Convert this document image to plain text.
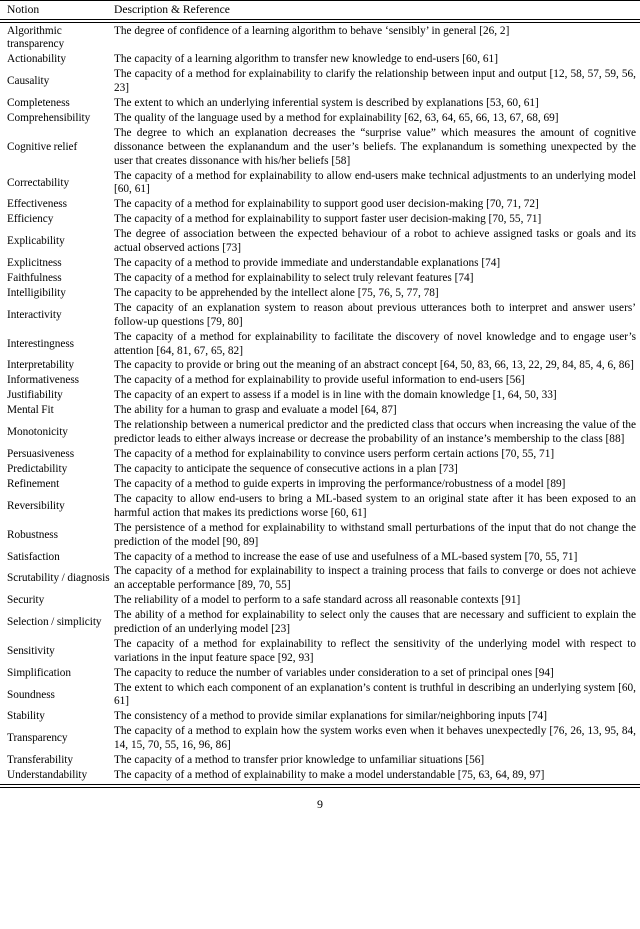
Notion	Description & Reference

Algorithmic transparency	The degree of confidence of a learning algorithm to behave ‘sensibly’ in general [26, 2]
Actionability	The capacity of a learning algorithm to transfer new knowledge to end-users [60, 61]
Causality	The capacity of a method for explainability to clarify the relationship between input and output [12, 58, 57, 59, 56, 23]
Completeness	The extent to which an underlying inferential system is described by explanations [53, 60, 61]
Comprehensibility	The quality of the language used by a method for explainability [62, 63, 64, 65, 66, 13, 67, 68, 69]
Cognitive relief	The degree to which an explanation decreases the “surprise value” which measures the amount of cognitive dissonance between the explanandum and the user’s beliefs. The explanandum is something unexpected by the user that creates dissonance with his/her beliefs [58]
Correctability	The capacity of a method for explainability to allow end-users make technical adjustments to an underlying model [60, 61]
Effectiveness	The capacity of a method for explainability to support good user decision-making [70, 71, 72]
Efficiency	The capacity of a method for explainability to support faster user decision-making [70, 55, 71]
Explicability	The degree of association between the expected behaviour of a robot to achieve assigned tasks or goals and its actual observed actions [73]
Explicitness	The capacity of a method to provide immediate and understandable explanations [74]
Faithfulness	The capacity of a method for explainability to select truly relevant features [74]
Intelligibility	The capacity to be apprehended by the intellect alone [75, 76, 5, 77, 78]
Interactivity	The capacity of an explanation system to reason about previous utterances both to interpret and answer users’ follow-up questions [79, 80]
Interestingness	The capacity of a method for explainability to facilitate the discovery of novel knowledge and to engage user’s attention [64, 81, 67, 65, 82]
Interpretability	The capacity to provide or bring out the meaning of an abstract concept [64, 50, 83, 66, 13, 22, 29, 84, 85, 4, 6, 86]
Informativeness	The capacity of a method for explainability to provide useful information to end-users [56]
Justifiability	The capacity of an expert to assess if a model is in line with the domain knowledge [1, 64, 50, 33]
Mental Fit	The ability for a human to grasp and evaluate a model [64, 87]
Monotonicity	The relationship between a numerical predictor and the predicted class that occurs when increasing the value of the predictor leads to either always increase or decrease the probability of an instance’s membership to the class [88]
Persuasiveness	The capacity of a method for explainability to convince users perform certain actions [70, 55, 71]
Predictability	The capacity to anticipate the sequence of consecutive actions in a plan [73]
Refinement	The capacity of a method to guide experts in improving the performance/robustness of a model [89]
Reversibility	The capacity to allow end-users to bring a ML-based system to an original state after it has been exposed to an harmful action that makes its predictions worse [60, 61]
Robustness	The persistence of a method for explainability to withstand small perturbations of the input that do not change the prediction of the model [90, 89]
Satisfaction	The capacity of a method to increase the ease of use and usefulness of a ML-based system [70, 55, 71]
Scrutability / diagnosis	The capacity of a method for explainability to inspect a training process that fails to converge or does not achieve an acceptable performance [89, 70, 55]
Security	The reliability of a model to perform to a safe standard across all reasonable contexts [91]
Selection / simplicity	The ability of a method for explainability to select only the causes that are necessary and sufficient to explain the prediction of an underlying model [23]
Sensitivity	The capacity of a method for explainability to reflect the sensitivity of the underlying model with respect to variations in the input feature space [92, 93]
Simplification	The capacity to reduce the number of variables under consideration to a set of principal ones [94]
Soundness	The extent to which each component of an explanation’s content is truthful in describing an underlying system [60, 61]
Stability	The consistency of a method to provide similar explanations for similar/neighboring inputs [74]
Transparency	The capacity of a method to explain how the system works even when it behaves unexpectedly [76, 26, 13, 95, 84, 14, 15, 70, 55, 16, 96, 86]
Transferability	The capacity of a method to transfer prior knowledge to unfamiliar situations [56]
Understandability	The capacity of a method of explainability to make a model understandable [75, 63, 64, 89, 97]
9
